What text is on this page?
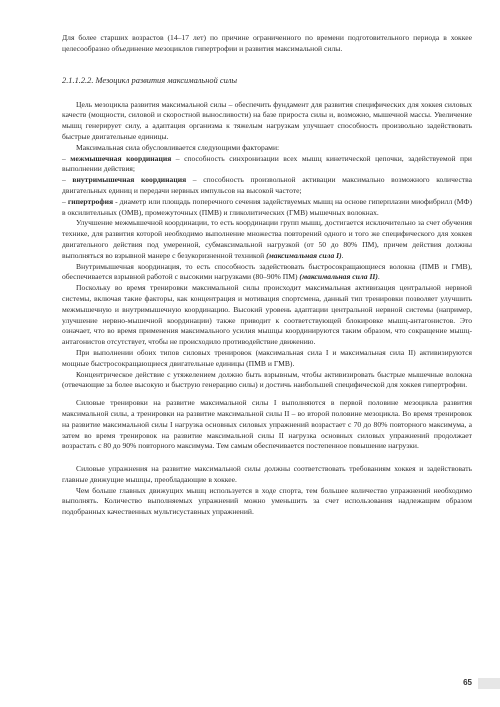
Для более старших возрастов (14–17 лет) по причине ограниченного по времени подготовительного периода в хоккее целесообразно объединение мезоциклов гипертрофии и развития максимальной силы.

2.1.1.2.2. Мезоцикл развития максимальной силы

Цель мезоцикла развития максимальной силы – обеспечить фундамент для развития специфических для хоккея силовых качеств (мощности, силовой и скоростной выносливости) на базе прироста силы и, возможно, мышечной массы. Увеличение мышц генерирует силу, а адаптация организма к тяжелым нагрузкам улучшает способность произвольно задействовать быстрые двигательные единицы.

Максимальная сила обусловливается следующими факторами:

– межмышечная координация – способность синхронизации всех мышц кинетической цепочки, задействуемой при выполнении действия;

– внутримышечная координация – способность произвольной активации максимально возможного количества двигательных единиц и передачи нервных импульсов на высокой частоте;

– гипертрофия - диаметр или площадь поперечного сечения задействуемых мышц на основе гиперплазии миофибрилл (МФ) в оксилительных (ОМВ), промежуточных (ПМВ) и гликолитических (ГМВ) мышечных волокнах.

Улучшение межмышечной координации, то есть координации групп мышц, достигается исключительно за счет обучения технике, для развития которой необходимо выполнение множества повторений одного и того же специфического для хоккея двигательного действия под умеренной, субмаксимальной нагрузкой (от 50 до 80% ПМ), причем действия должны выполняться во взрывной манере с безукоризненной техникой (максимальная сила I).

Внутримышечная координация, то есть способность задействовать быстросокращающиеся волокна (ПМВ и ГМВ), обеспечивается взрывной работой с высокими нагрузками (80–90% ПМ) (максимальная сила II).

Поскольку во время тренировки максимальной силы происходит максимальная активизация центральной нервной системы, включая такие факторы, как концентрация и мотивация спортсмена, данный тип тренировки позволяет улучшить межмышечную и внутримышечную координацию. Высокий уровень адаптации центральной нервной системы (например, улучшение нервно-мышечной координации) также приводит к соответствующей блокировке мышц-антагонистов. Это означает, что во время применения максимального усилия мышцы координируются таким образом, что сокращение мышц-антагонистов отсутствует, чтобы не происходило противодействие движению.

При выполнении обоих типов силовых тренировок (максимальная сила I и максимальная сила II) активизируются мощные быстросокращающиеся двигательные единицы (ПМВ и ГМВ).

Концентрическое действие с утяжелением должно быть взрывным, чтобы активизировать быстрые мышечные волокна (отвечающие за более высокую и быструю генерацию силы) и достичь наибольшей специфической для хоккея гипертрофии.

Силовые тренировки на развитие максимальной силы I выполняются в первой половине мезоцикла развития максимальной силы, а тренировки на развитие максимальной силы II – во второй половине мезоцикла. Во время тренировок на развитие максимальной силы I нагрузка основных силовых упражнений возрастает с 70 до 80% повторного максимума, а затем во время тренировок на развитие максимальной силы II нагрузка основных силовых упражнений продолжает возрастать с 80 до 90% повторного максимума. Тем самым обеспечивается постепенное повышение нагрузки.

Силовые упражнения на развитие максимальной силы должны соответствовать требованиям хоккея и задействовать главные движущие мышцы, преобладающие в хоккее.

Чем больше главных движущих мышц используется в ходе спорта, тем большее количество упражнений необходимо выполнять. Количество выполняемых упражнений можно уменьшить за счет использования надлежащим образом подобранных качественных мультисуставных упражнений.

65
